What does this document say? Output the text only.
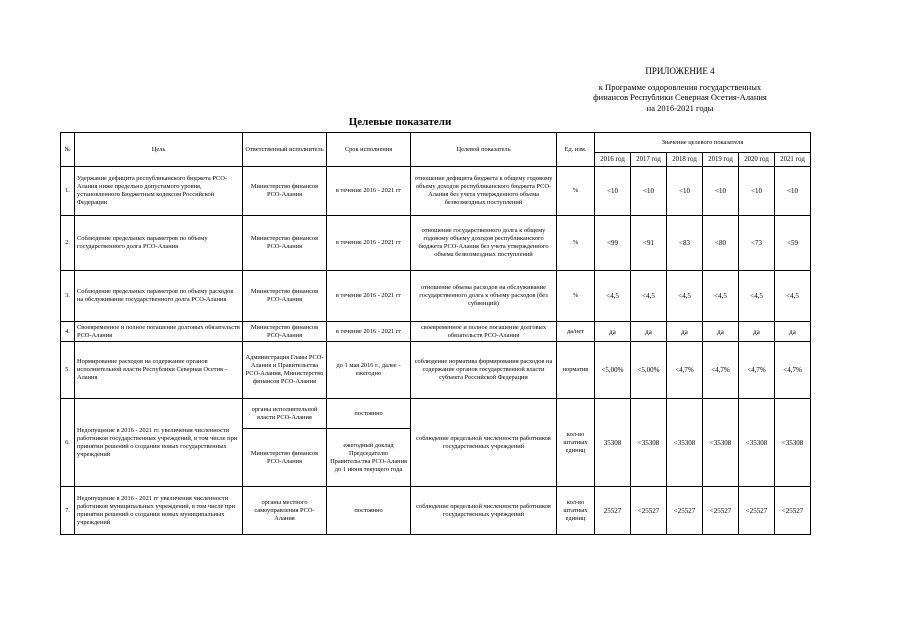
ПРИЛОЖЕНИЕ 4
к Программе оздоровления государственных
финансов Республики Северная Осетия-Алания
на 2016-2021 годы
Целевые показатели
№	Цель	Ответственный исполнитель	Срок исполнения	Целевой показатель	Ед. изм.	Значение целевого показателя					
						2016 год	2017 год	2018 год	2019 год	2020 год	2021 год
1.	Удержание дефицита республиканского бюджета РСО-Алания ниже предельно допустимого уровня, установленного Бюджетным кодексом Российской Федерации	Министерство финансов РСО-Алания	в течение 2016 - 2021 гг	отношение дефицита бюджета к общему годовому объему доходов республиканского бюджета РСО-Алания без учета утвержденного объема безвозмездных поступлений	%	<10	<10	<10	<10	<10	<10
2.	Соблюдение предельных параметров по объему государственного долга РСО-Алания	Министерство финансов РСО-Алания	в течение 2016 - 2021 гг	отношение государственного долга к общему годовому объему доходов республиканского бюджета РСО-Алания без учета утвержденного объема безвозмездных поступлений	%	<99	<91	<83	<80	<73	<59
3.	Соблюдение предельных параметров по объему расходов на обслуживание государственного долга РСО-Алания	Министерство финансов РСО-Алания	в течение 2016 - 2021 гг	отношение объема расходов на обслуживание государственного долга к объему расходов (без субвенций)	%	<4,5	<4,5	<4,5	<4,5	<4,5	<4,5
4.	Своевременное и полное погашение долговых обязательств РСО-Алания	Министерство финансов РСО-Алания	в течение 2016 - 2021 гг	своевременное и полное погашение долговых обязательств РСО-Алания	да/нет	да	да	да	да	да	да
5.	Нормирование расходов на содержание органов исполнительной власти Республики Северная Осетия – Алания	Администрация Главы РСО-Алания и Правительства РСО-Алания, Министерство финансов РСО-Алания	до 1 мая 2016 г., далее - ежегодно	соблюдение норматива формирования расходов на содержание органов государственной власти субъекта Российской Федерации	норматив	<5,00%	<5,00%	<4,7%	<4,7%	<4,7%	<4,7%
6.	Недопущение в 2016 - 2021 гг. увеличения численности работников государственных учреждений, в том числе при принятии решений о создании новых государственных учреждений	органы исполнительной власти РСО-Алания	постоянно	соблюдение предельной численности работников государственных учреждений	кол-во штатных единиц	35308	<35308	<35308	<35308	<35308	<35308
		Министерство финансов РСО-Алания	ежегодный доклад Председателю Правительства РСО-Алания до 1 июня текущего года								
7.	Недопущение в 2016 - 2021 гг увеличения численности работников муниципальных учреждений, в том числе при принятии решений о создании новых муниципальных учреждений	органы местного самоуправления РСО-Алания	постоянно	соблюдение предельной численности работников государственных учреждений	кол-во штатных единиц	25527	<25527	<25527	<25527	<25527	<25527
